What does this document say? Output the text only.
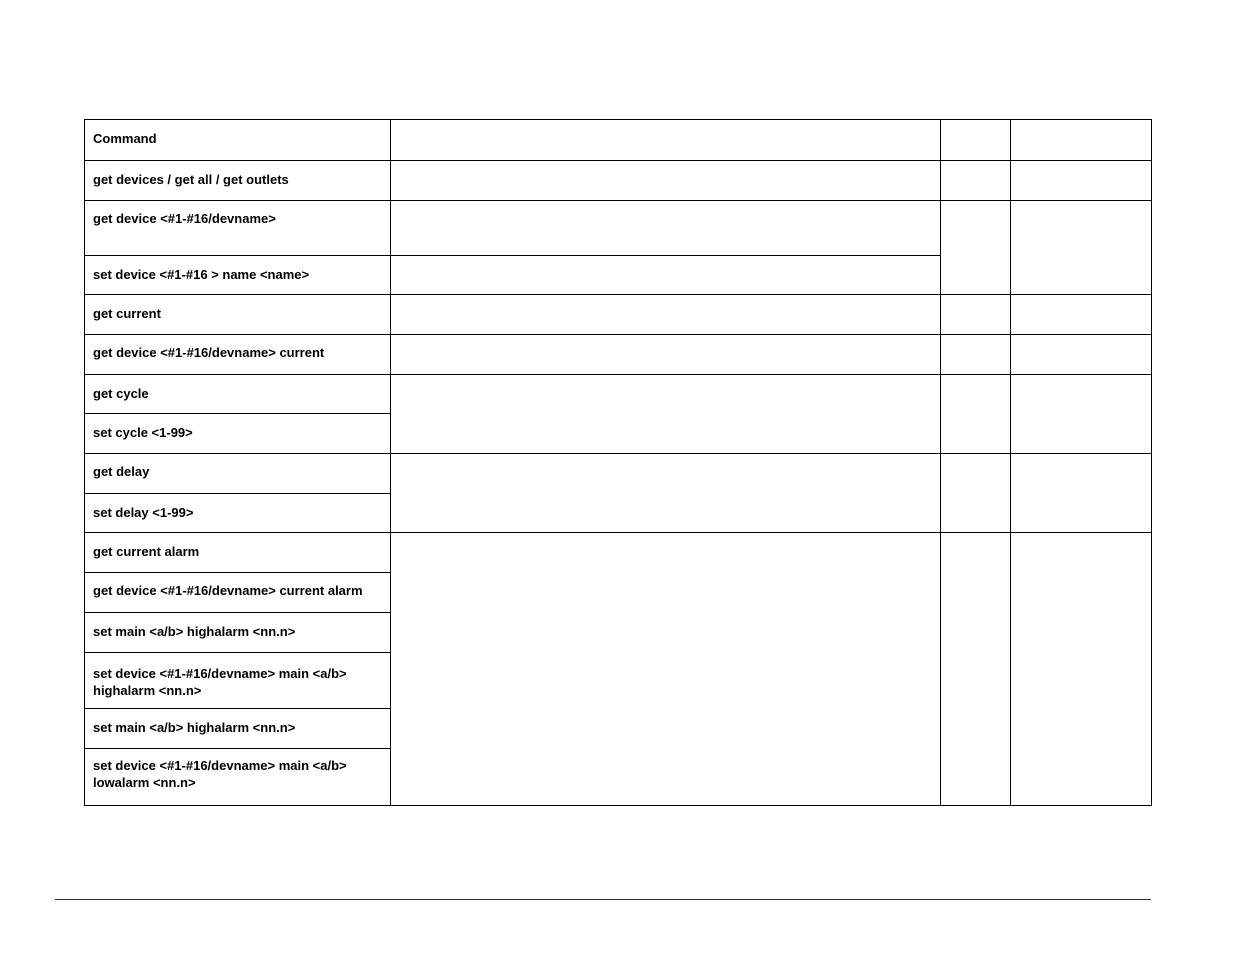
Command			
get devices / get all / get outlets			
get device <#1-#16/devname>			
set device <#1-#16 > name <name>			
get current			
get device <#1-#16/devname> current			
get cycle			
set cycle <1-99>			
get delay			
set delay <1-99>			
get current alarm			
get device <#1-#16/devname> current alarm			
set main <a/b> highalarm <nn.n>			
set device <#1-#16/devname> main <a/b> highalarm <nn.n>			
set main <a/b> highalarm <nn.n>			
set device <#1-#16/devname> main <a/b> lowalarm <nn.n>			
